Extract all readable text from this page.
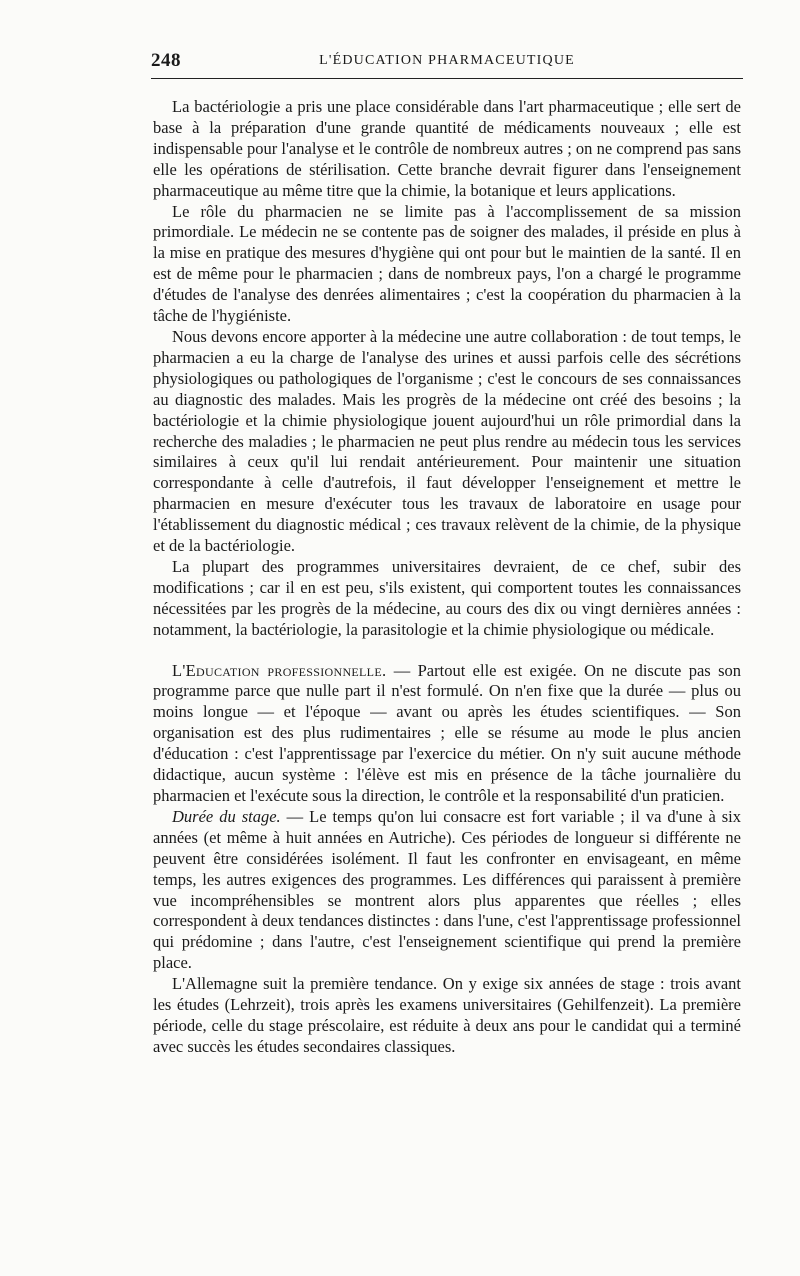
248	L'ÉDUCATION PHARMACEUTIQUE

La bactériologie a pris une place considérable dans l'art pharmaceutique ; elle sert de base à la préparation d'une grande quantité de médicaments nouveaux ; elle est indispensable pour l'analyse et le contrôle de nombreux autres ; on ne comprend pas sans elle les opérations de stérilisation. Cette branche devrait figurer dans l'enseignement pharmaceutique au même titre que la chimie, la botanique et leurs applications.

Le rôle du pharmacien ne se limite pas à l'accomplissement de sa mission primordiale. Le médecin ne se contente pas de soigner des malades, il préside en plus à la mise en pratique des mesures d'hygiène qui ont pour but le maintien de la santé. Il en est de même pour le pharmacien ; dans de nombreux pays, l'on a chargé le programme d'études de l'analyse des denrées alimentaires ; c'est la coopération du pharmacien à la tâche de l'hygiéniste.

Nous devons encore apporter à la médecine une autre collaboration : de tout temps, le pharmacien a eu la charge de l'analyse des urines et aussi parfois celle des sécrétions physiologiques ou pathologiques de l'organisme ; c'est le concours de ses connaissances au diagnostic des malades. Mais les progrès de la médecine ont créé des besoins ; la bactériologie et la chimie physiologique jouent aujourd'hui un rôle primordial dans la recherche des maladies ; le pharmacien ne peut plus rendre au médecin tous les services similaires à ceux qu'il lui rendait antérieurement. Pour maintenir une situation correspondante à celle d'autrefois, il faut développer l'enseignement et mettre le pharmacien en mesure d'exécuter tous les travaux de laboratoire en usage pour l'établissement du diagnostic médical ; ces travaux relèvent de la chimie, de la physique et de la bactériologie.

La plupart des programmes universitaires devraient, de ce chef, subir des modifications ; car il en est peu, s'ils existent, qui comportent toutes les connaissances nécessitées par les progrès de la médecine, au cours des dix ou vingt dernières années : notamment, la bactériologie, la parasitologie et la chimie physiologique ou médicale.

L'Education professionnelle. — Partout elle est exigée. On ne discute pas son programme parce que nulle part il n'est formulé. On n'en fixe que la durée — plus ou moins longue — et l'époque — avant ou après les études scientifiques. — Son organisation est des plus rudimentaires ; elle se résume au mode le plus ancien d'éducation : c'est l'apprentissage par l'exercice du métier. On n'y suit aucune méthode didactique, aucun système : l'élève est mis en présence de la tâche journalière du pharmacien et l'exécute sous la direction, le contrôle et la responsabilité d'un praticien.

Durée du stage. — Le temps qu'on lui consacre est fort variable ; il va d'une à six années (et même à huit années en Autriche). Ces périodes de longueur si différente ne peuvent être considérées isolément. Il faut les confronter en envisageant, en même temps, les autres exigences des programmes. Les différences qui paraissent à première vue incompréhensibles se montrent alors plus apparentes que réelles ; elles correspondent à deux tendances distinctes : dans l'une, c'est l'apprentissage professionnel qui prédomine ; dans l'autre, c'est l'enseignement scientifique qui prend la première place.

L'Allemagne suit la première tendance. On y exige six années de stage : trois avant les études (Lehrzeit), trois après les examens universitaires (Gehilfenzeit). La première période, celle du stage préscolaire, est réduite à deux ans pour le candidat qui a terminé avec succès les études secondaires classiques.
